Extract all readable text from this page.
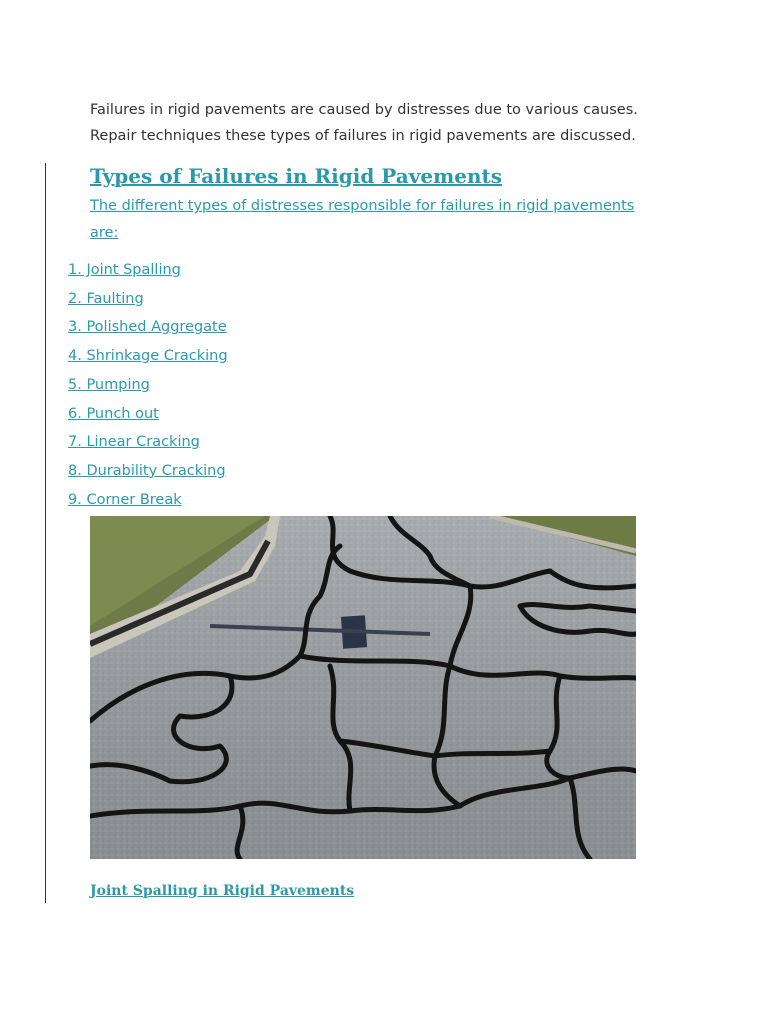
Failures in rigid pavements are caused by distresses due to various causes.
Repair techniques these types of failures in rigid pavements are discussed.

Types of Failures in Rigid Pavements

The different types of distresses responsible for failures in rigid pavements
are:

1. Joint Spalling
2. Faulting
3. Polished Aggregate
4. Shrinkage Cracking
5. Pumping
6. Punch out
7. Linear Cracking
8. Durability Cracking
9. Corner Break

Joint Spalling in Rigid Pavements
